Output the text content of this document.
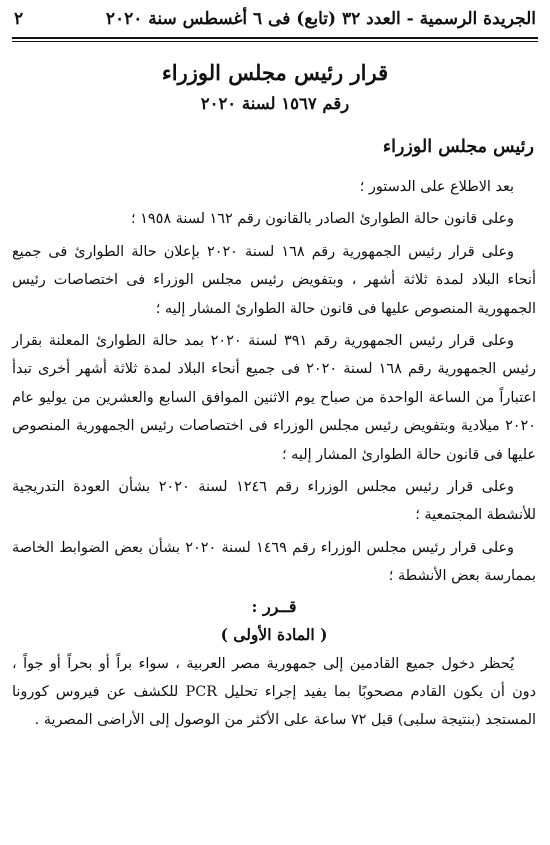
الجريدة الرسمية - العدد ٣٢ (تابع) فى ٦ أغسطس سنة ٢٠٢٠
٢
قرار رئيس مجلس الوزراء
رقم ١٥٦٧ لسنة ٢٠٢٠
رئيس مجلس الوزراء

بعد الاطلاع على الدستور ؛

وعلى قانون حالة الطوارئ الصادر بالقانون رقم ١٦٢ لسنة ١٩٥٨ ؛

وعلى قرار رئيس الجمهورية رقم ١٦٨ لسنة ٢٠٢٠ بإعلان حالة الطوارئ فى جميع أنحاء البلاد لمدة ثلاثة أشهر ، وبتفويض رئيس مجلس الوزراء فى اختصاصات رئيس الجمهورية المنصوص عليها فى قانون حالة الطوارئ المشار إليه ؛

وعلى قرار رئيس الجمهورية رقم ٣٩١ لسنة ٢٠٢٠ بمد حالة الطوارئ المعلنة بقرار رئيس الجمهورية رقم ١٦٨ لسنة ٢٠٢٠ فى جميع أنحاء البلاد لمدة ثلاثة أشهر أخرى تبدأ اعتباراً من الساعة الواحدة من صباح يوم الاثنين الموافق السابع والعشرين من يوليو عام ٢٠٢٠ ميلادية وبتفويض رئيس مجلس الوزراء فى اختصاصات رئيس الجمهورية المنصوص عليها فى قانون حالة الطوارئ المشار إليه ؛

وعلى قرار رئيس مجلس الوزراء رقم ١٢٤٦ لسنة ٢٠٢٠ بشأن العودة التدريجية للأنشطة المجتمعية ؛

وعلى قرار رئيس مجلس الوزراء رقم ١٤٦٩ لسنة ٢٠٢٠ بشأن بعض الضوابط الخاصة بممارسة بعض الأنشطة ؛

قــرر :
( المادة الأولى )

يُحظر دخول جميع القادمين إلى جمهورية مصر العربية ، سواء براً أو بحراً أو جواً ، دون أن يكون القادم مصحوبًا بما يفيد إجراء تحليل PCR للكشف عن فيروس كورونا المستجد (بنتيجة سلبى) قبل ٧٢ ساعة على الأكثر من الوصول إلى الأراضى المصرية .
